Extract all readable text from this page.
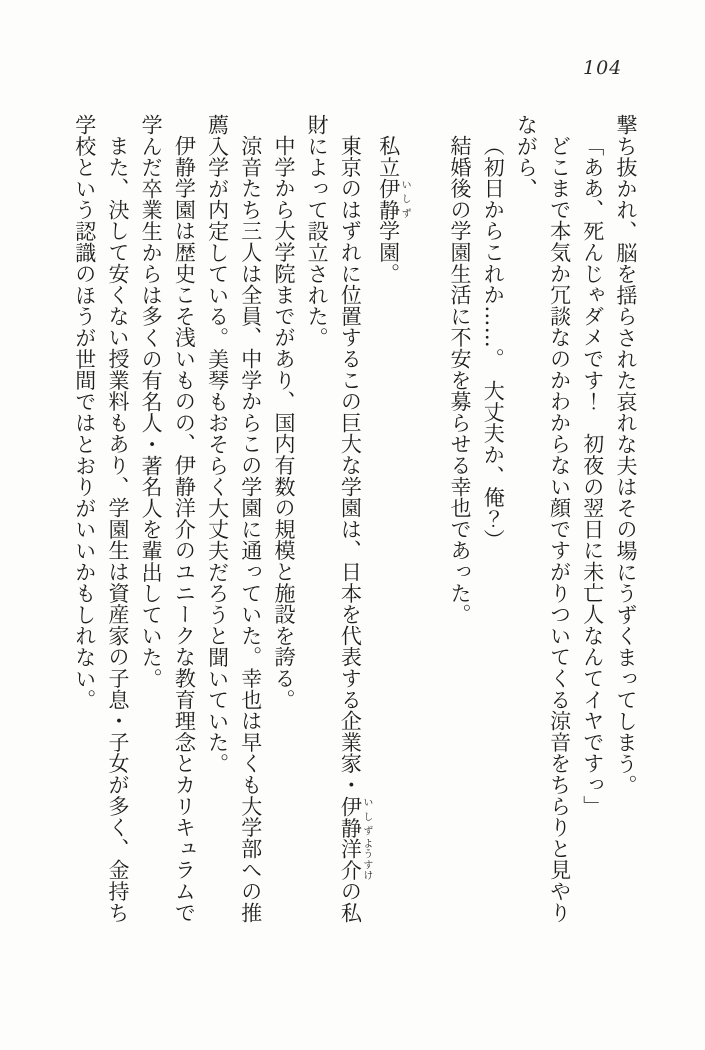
104

撃ち抜かれ、脳を揺らされた哀れな夫はその場にうずくまってしまう。

「ああ、死んじゃダメです！　初夜の翌日に未亡人なんてイヤですっ」

どこまで本気か冗談なのかわからない顔ですがりついてくる涼音をちらりと見やりながら、

（初日からこれか……。　大丈夫か、俺？）

結婚後の学園生活に不安を募らせる幸也であった。

私立伊静いしず学園。

東京のはずれに位置するこの巨大な学園は、日本を代表する企業家・伊静いしず洋介ようすけの私財によって設立された。

中学から大学院までがあり、国内有数の規模と施設を誇る。

涼音たち三人は全員、中学からこの学園に通っていた。幸也は早くも大学部への推薦入学が内定している。美琴もおそらく大丈夫だろうと聞いていた。

伊静学園は歴史こそ浅いものの、伊静洋介のユニークな教育理念とカリキュラムで学んだ卒業生からは多くの有名人・著名人を輩出していた。

また、決して安くない授業料もあり、学園生は資産家の子息・子女が多く、金持ち学校という認識のほうが世間ではとおりがいいかもしれない。
